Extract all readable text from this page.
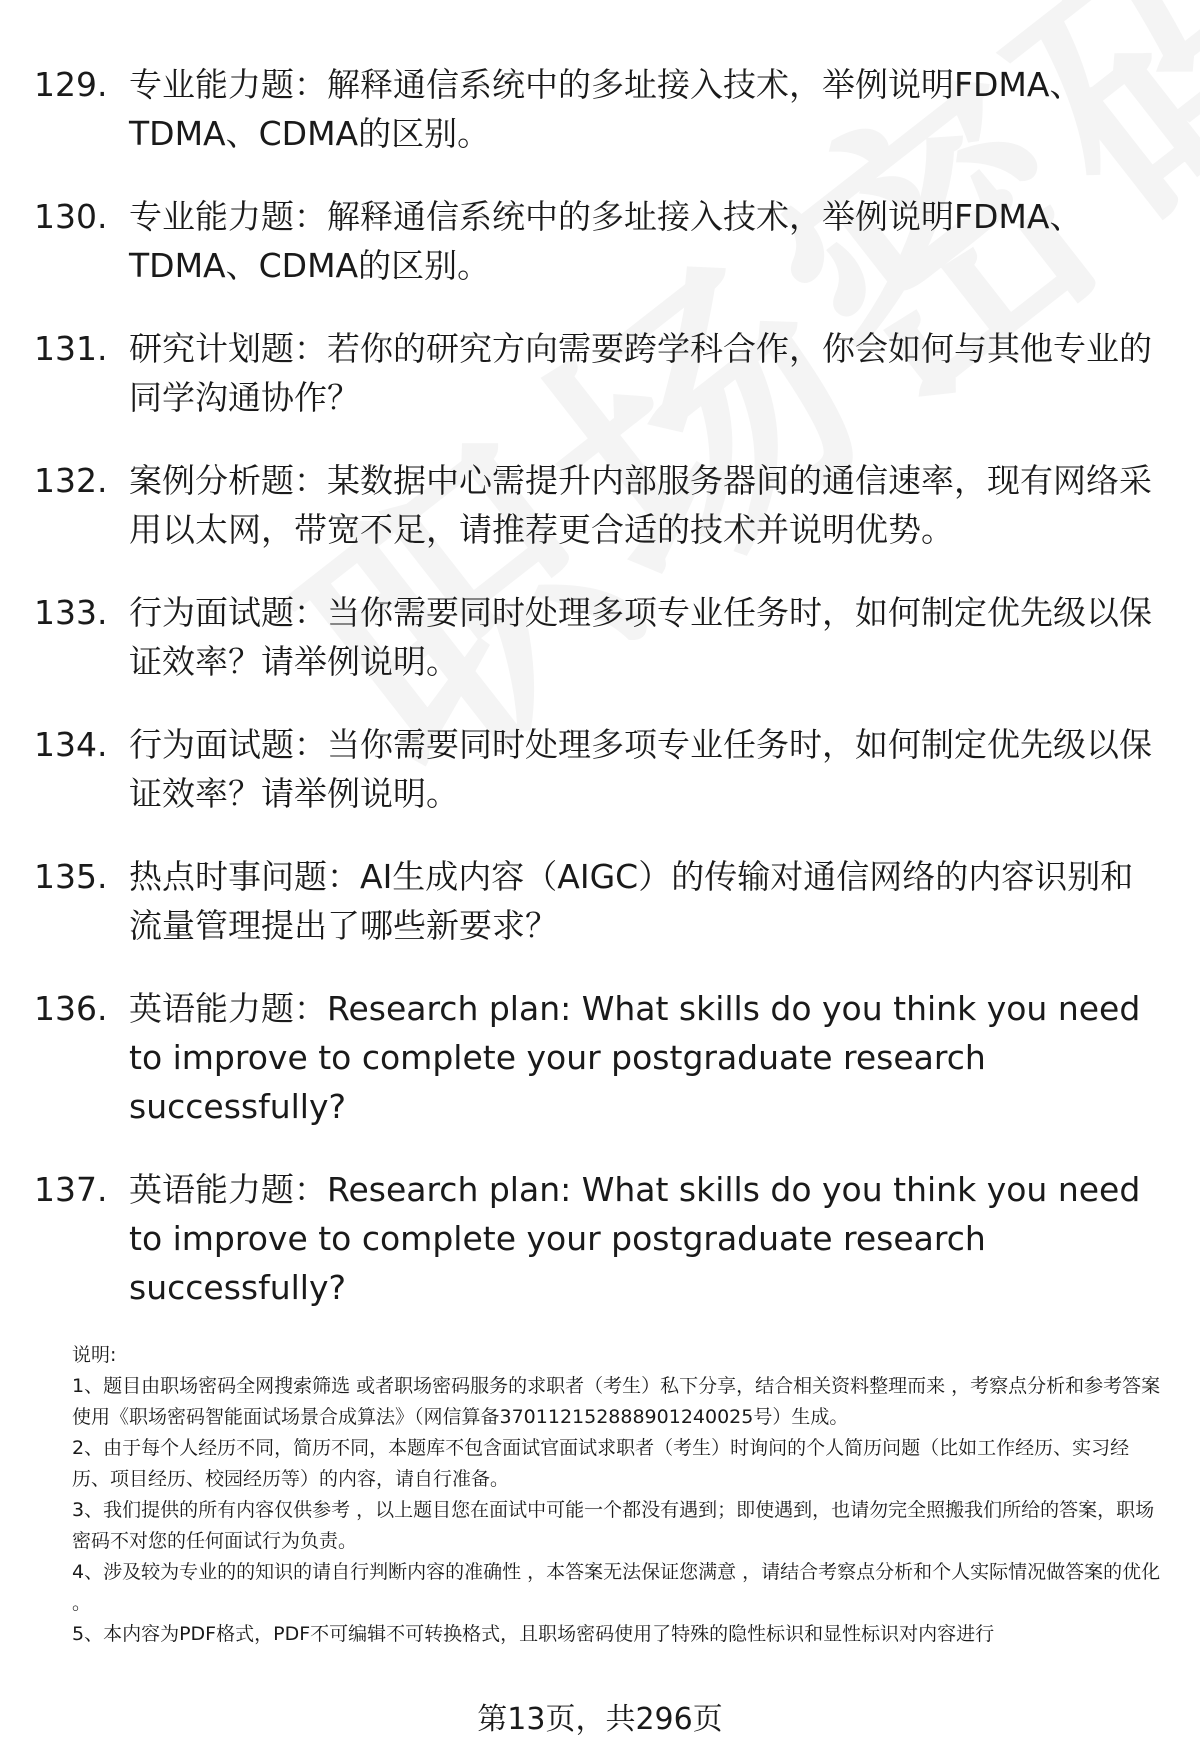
129. 专业能力题：解释通信系统中的多址接入技术，举例说明FDMA、TDMA、CDMA的区别。
130. 专业能力题：解释通信系统中的多址接入技术，举例说明FDMA、TDMA、CDMA的区别。
131. 研究计划题：若你的研究方向需要跨学科合作，你会如何与其他专业的同学沟通协作？
132. 案例分析题：某数据中心需提升内部服务器间的通信速率，现有网络采用以太网，带宽不足，请推荐更合适的技术并说明优势。
133. 行为面试题：当你需要同时处理多项专业任务时，如何制定优先级以保证效率？请举例说明。
134. 行为面试题：当你需要同时处理多项专业任务时，如何制定优先级以保证效率？请举例说明。
135. 热点时事问题：AI生成内容（AIGC）的传输对通信网络的内容识别和流量管理提出了哪些新要求？
136. 英语能力题：Research plan: What skills do you think you need to improve to complete your postgraduate research successfully?
137. 英语能力题：Research plan: What skills do you think you need to improve to complete your postgraduate research successfully?
说明:
1、题目由职场密码全网搜索筛选 或者职场密码服务的求职者（考生）私下分享，结合相关资料整理而来 ，考察点分析和参考答案使用《职场密码智能面试场景合成算法》（网信算备370112152888901240025号）生成。
2、由于每个人经历不同，简历不同，本题库不包含面试官面试求职者（考生）时询问的个人简历问题（比如工作经历、实习经历、项目经历、校园经历等）的内容，请自行准备。
3、我们提供的所有内容仅供参考 ，以上题目您在面试中可能一个都没有遇到；即使遇到，也请勿完全照搬我们所给的答案，职场密码不对您的任何面试行为负责。
4、涉及较为专业的的知识的请自行判断内容的准确性 ，本答案无法保证您满意 ，请结合考察点分析和个人实际情况做答案的优化 。
5、本内容为PDF格式，PDF不可编辑不可转换格式，且职场密码使用了特殊的隐性标识和显性标识对内容进行
第13页，共296页
